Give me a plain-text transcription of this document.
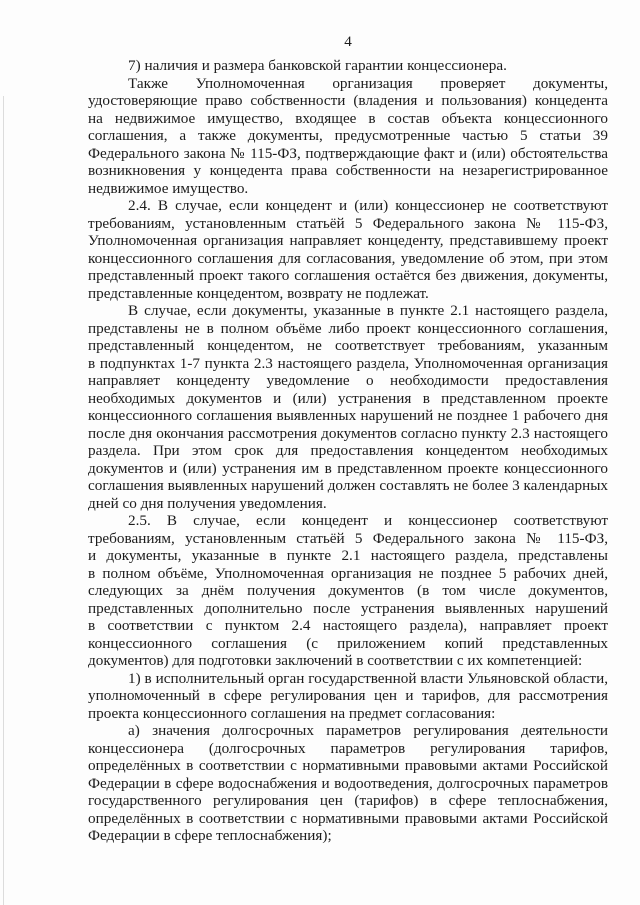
4
7) наличия и размера банковской гарантии концессионера.
Также Уполномоченная организация проверяет документы,
удостоверяющие право собственности (владения и пользования) концедента
на недвижимое имущество, входящее в состав объекта концессионного
соглашения, а также документы, предусмотренные частью 5 статьи 39
Федерального закона № 115-ФЗ, подтверждающие факт и (или) обстоятельства
возникновения у концедента права собственности на незарегистрированное
недвижимое имущество.
2.4. В случае, если концедент и (или) концессионер не соответствуют
требованиям, установленным статьёй 5 Федерального закона № 115-ФЗ,
Уполномоченная организация направляет концеденту, представившему проект
концессионного соглашения для согласования, уведомление об этом, при этом
представленный проект такого соглашения остаётся без движения, документы,
представленные концедентом, возврату не подлежат.
В случае, если документы, указанные в пункте 2.1 настоящего раздела,
представлены не в полном объёме либо проект концессионного соглашения,
представленный концедентом, не соответствует требованиям, указанным
в подпунктах 1-7 пункта 2.3 настоящего раздела, Уполномоченная организация
направляет концеденту уведомление о необходимости предоставления
необходимых документов и (или) устранения в представленном проекте
концессионного соглашения выявленных нарушений не позднее 1 рабочего дня
после дня окончания рассмотрения документов согласно пункту 2.3 настоящего
раздела. При этом срок для предоставления концедентом необходимых
документов и (или) устранения им в представленном проекте концессионного
соглашения выявленных нарушений должен составлять не более 3 календарных
дней со дня получения уведомления.
2.5. В случае, если концедент и концессионер соответствуют
требованиям, установленным статьёй 5 Федерального закона № 115-ФЗ,
и документы, указанные в пункте 2.1 настоящего раздела, представлены
в полном объёме, Уполномоченная организация не позднее 5 рабочих дней,
следующих за днём получения документов (в том числе документов,
представленных дополнительно после устранения выявленных нарушений
в соответствии с пунктом 2.4 настоящего раздела), направляет проект
концессионного соглашения (с приложением копий представленных
документов) для подготовки заключений в соответствии с их компетенцией:
1) в исполнительный орган государственной власти Ульяновской области,
уполномоченный в сфере регулирования цен и тарифов, для рассмотрения
проекта концессионного соглашения на предмет согласования:
а) значения долгосрочных параметров регулирования деятельности
концессионера (долгосрочных параметров регулирования тарифов,
определённых в соответствии с нормативными правовыми актами Российской
Федерации в сфере водоснабжения и водоотведения, долгосрочных параметров
государственного регулирования цен (тарифов) в сфере теплоснабжения,
определённых в соответствии с нормативными правовыми актами Российской
Федерации в сфере теплоснабжения);
